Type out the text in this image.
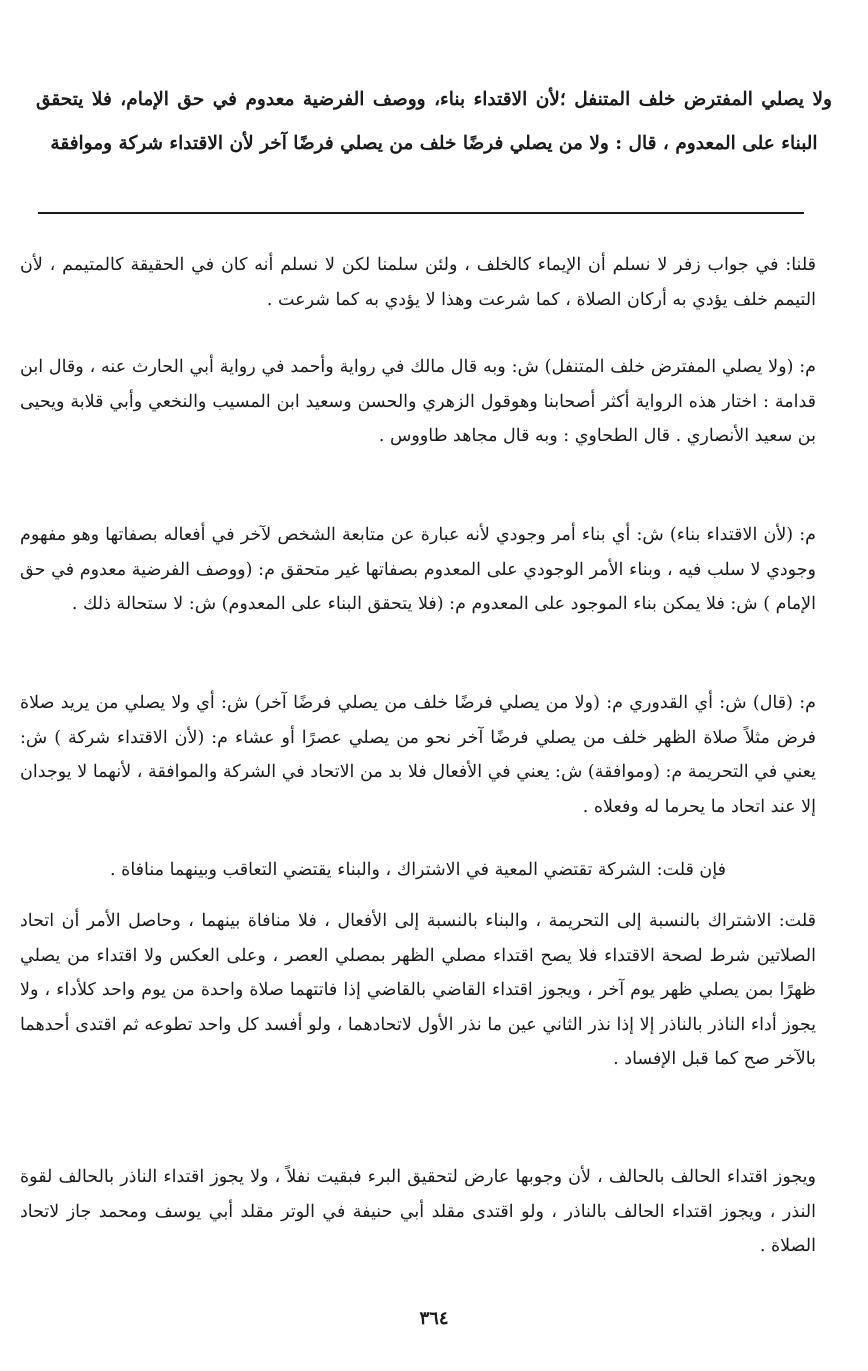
ولا يصلي المفترض خلف المتنفل ؛لأن الاقتداء بناء، ووصف الفرضية معدوم في حق الإمام، فلا يتحقق البناء على المعدوم ، قال : ولا من يصلي فرضًا خلف من يصلي فرضًا آخر لأن الاقتداء شركة وموافقة
قلنا: في جواب زفر لا نسلم أن الإيماء كالخلف ، ولئن سلمنا لكن لا نسلم أنه كان في الحقيقة كالمتيمم ، لأن التيمم خلف يؤدي به أركان الصلاة ، كما شرعت وهذا لا يؤدي به كما شرعت .
م: (ولا يصلي المفترض خلف المتنفل) ش: وبه قال مالك في رواية وأحمد في رواية أبي الحارث عنه ، وقال ابن قدامة : اختار هذه الرواية أكثر أصحابنا وهوقول الزهري والحسن وسعيد ابن المسيب والنخعي وأبي قلابة ويحيى بن سعيد الأنصاري . قال الطحاوي : وبه قال مجاهد طاووس .
م: (لأن الاقتداء بناء) ش: أي بناء أمر وجودي لأنه عبارة عن متابعة الشخص لآخر في أفعاله بصفاتها وهو مفهوم وجودي لا سلب فيه ، وبناء الأمر الوجودي على المعدوم بصفاتها غير متحقق م: (ووصف الفرضية معدوم في حق الإمام ) ش: فلا يمكن بناء الموجود على المعدوم م: (فلا يتحقق البناء على المعدوم) ش: لا ستحالة ذلك .
م: (قال) ش: أي القدوري م: (ولا من يصلي فرضًا خلف من يصلي فرضًا آخر) ش: أي ولا يصلي من يريد صلاة فرض مثلاً صلاة الظهر خلف من يصلي فرضًا آخر نحو من يصلي عصرًا أو عشاء م: (لأن الاقتداء شركة ) ش: يعني في التحريمة م: (وموافقة) ش: يعني في الأفعال فلا بد من الاتحاد في الشركة والموافقة ، لأنهما لا يوجدان إلا عند اتحاد ما يحرما له وفعلاه .
فإن قلت: الشركة تقتضي المعية في الاشتراك ، والبناء يقتضي التعاقب وبينهما منافاة .
قلت: الاشتراك بالنسبة إلى التحريمة ، والبناء بالنسبة إلى الأفعال ، فلا منافاة بينهما ، وحاصل الأمر أن اتحاد الصلاتين شرط لصحة الاقتداء فلا يصح اقتداء مصلي الظهر بمصلي العصر ، وعلى العكس ولا اقتداء من يصلي ظهرًا بمن يصلي ظهر يوم آخر ، ويجوز اقتداء القاضي بالقاضي إذا فاتتهما صلاة واحدة من يوم واحد كلأداء ، ولا يجوز أداء الناذر بالناذر إلا إذا نذر الثاني عين ما نذر الأول لاتحادهما ، ولو أفسد كل واحد تطوعه ثم اقتدى أحدهما بالآخر صح كما قبل الإفساد .
ويجوز اقتداء الحالف بالحالف ، لأن وجوبها عارض لتحقيق البرء فبقيت نفلاً ، ولا يجوز اقتداء الناذر بالحالف لقوة النذر ، ويجوز اقتداء الحالف بالناذر ، ولو اقتدى مقلد أبي حنيفة في الوتر مقلد أبي يوسف ومحمد جاز لاتحاد الصلاة .
٣٦٤
